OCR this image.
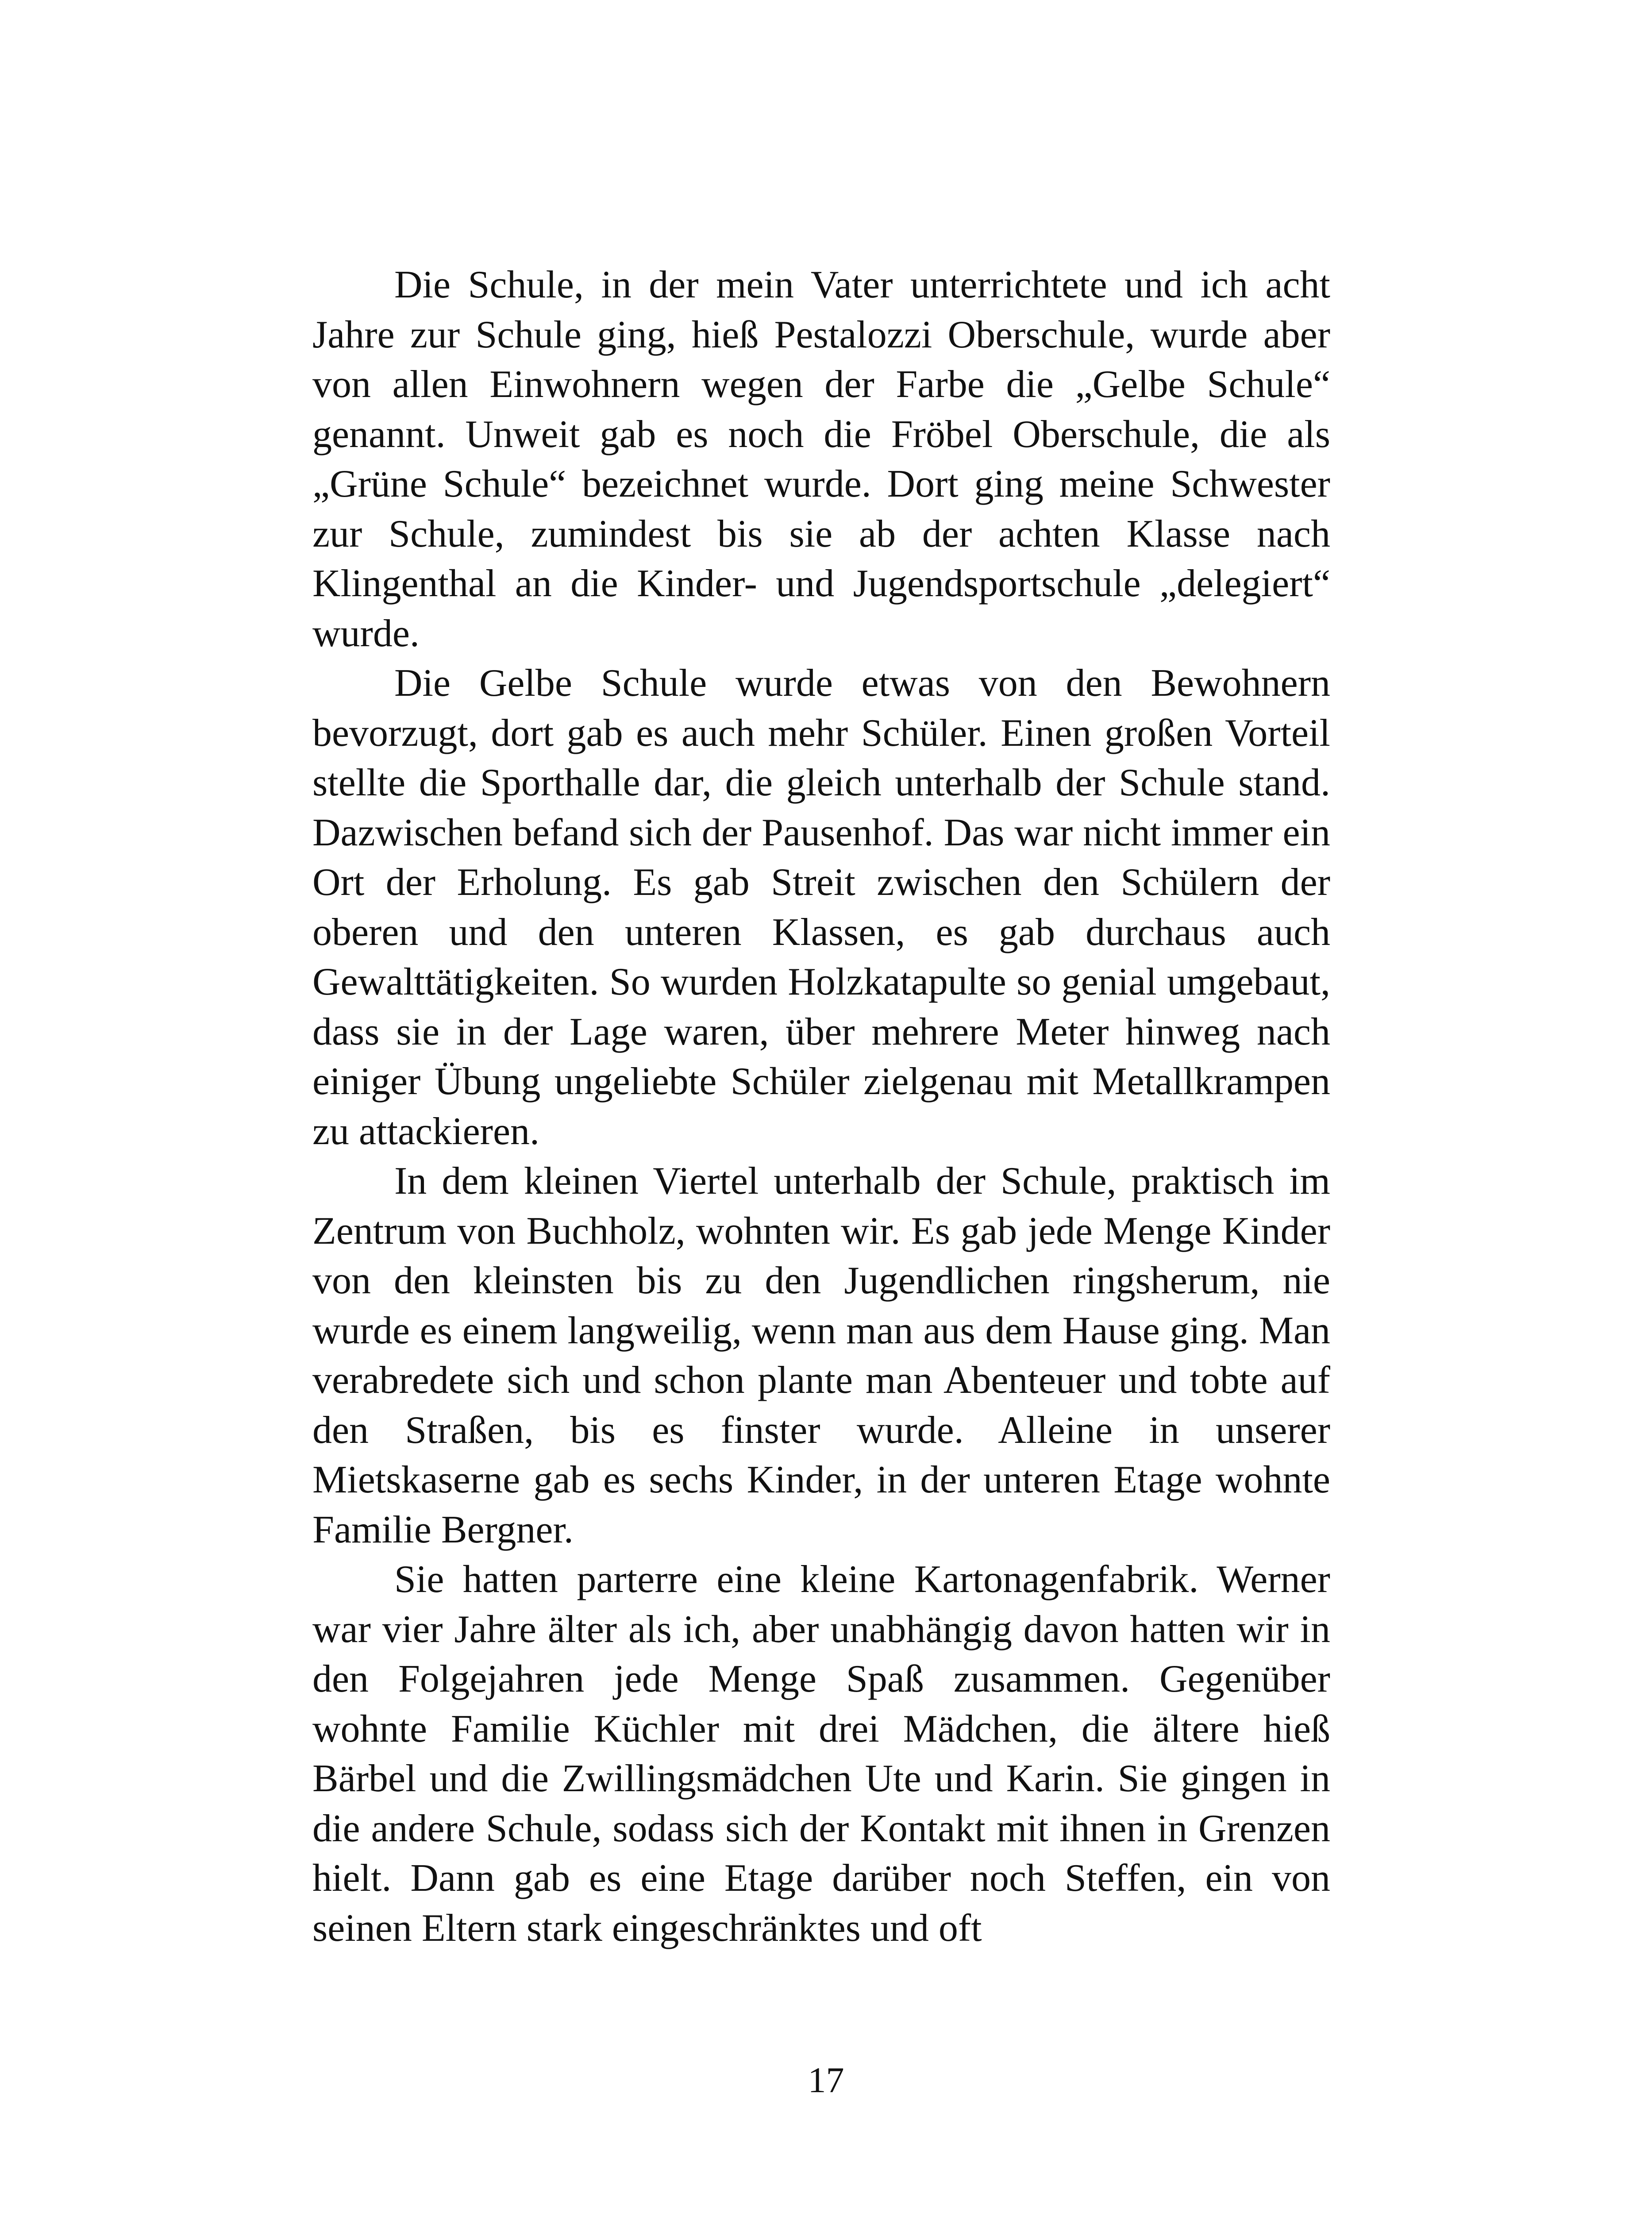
Die Schule, in der mein Vater unterrichtete und ich acht Jahre zur Schule ging, hieß Pestalozzi Oberschule, wurde aber von allen Einwohnern wegen der Farbe die „Gelbe Schule“ genannt. Unweit gab es noch die Fröbel Oberschule, die als „Grüne Schule“ bezeichnet wurde. Dort ging meine Schwester zur Schule, zumindest bis sie ab der achten Klasse nach Klingenthal an die Kinder- und Jugendsportschule „delegiert“ wurde.

Die Gelbe Schule wurde etwas von den Bewohnern bevorzugt, dort gab es auch mehr Schüler. Einen großen Vorteil stellte die Sporthalle dar, die gleich unterhalb der Schule stand. Dazwischen befand sich der Pausenhof. Das war nicht immer ein Ort der Erholung. Es gab Streit zwischen den Schülern der oberen und den unteren Klassen, es gab durchaus auch Gewalttätigkeiten. So wurden Holzkatapulte so genial umgebaut, dass sie in der Lage waren, über mehrere Meter hinweg nach einiger Übung ungeliebte Schüler zielgenau mit Metallkrampen zu attackieren.

In dem kleinen Viertel unterhalb der Schule, praktisch im Zentrum von Buchholz, wohnten wir. Es gab jede Menge Kinder von den kleinsten bis zu den Jugendlichen ringsherum, nie wurde es einem langweilig, wenn man aus dem Hause ging. Man verabredete sich und schon plante man Abenteuer und tobte auf den Straßen, bis es finster wurde. Alleine in unserer Mietskaserne gab es sechs Kinder, in der unteren Etage wohnte Familie Bergner.

Sie hatten parterre eine kleine Kartonagenfabrik. Werner war vier Jahre älter als ich, aber unabhängig davon hatten wir in den Folgejahren jede Menge Spaß zusammen. Gegenüber wohnte Familie Küchler mit drei Mädchen, die ältere hieß Bärbel und die Zwillingsmädchen Ute und Karin. Sie gingen in die andere Schule, sodass sich der Kontakt mit ihnen in Grenzen hielt. Dann gab es eine Etage darüber noch Steffen, ein von seinen Eltern stark eingeschränktes und oft

17
